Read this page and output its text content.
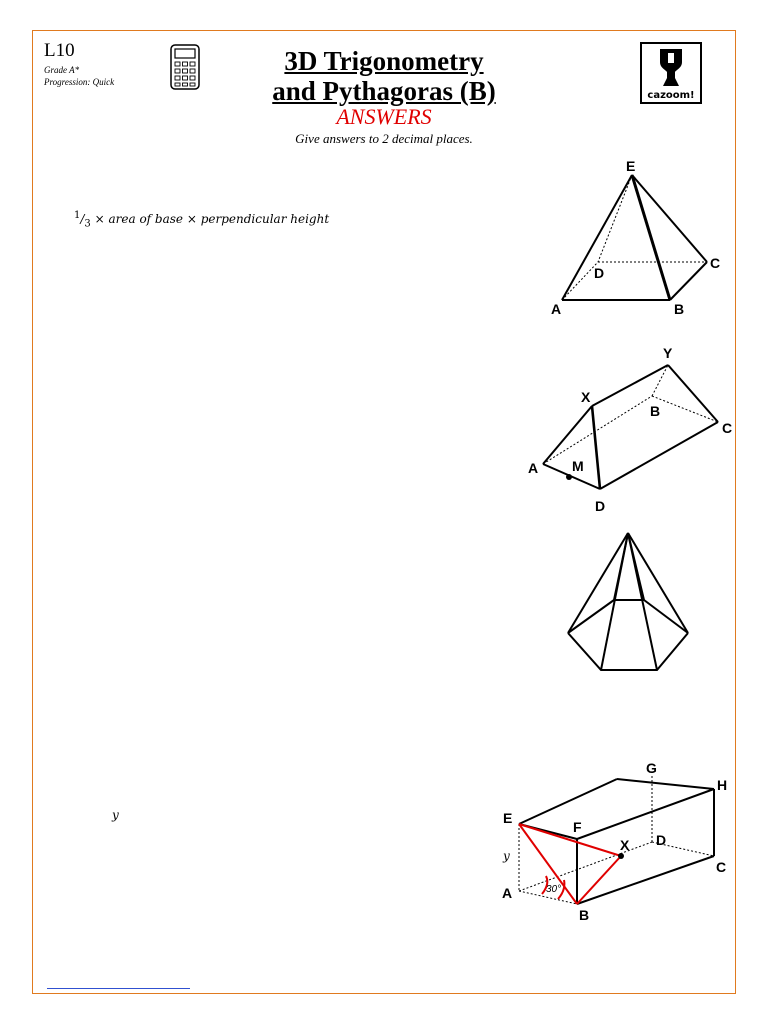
L10
Grade A*
Progression: Quick
3D Trigonometry
and Pythagoras (B)
ANSWERS
Give answers to 2 decimal places.
cazoom!
$^1/_3$ × area of base × perpendicular height
y
E
D
C
A	B
Y
X
B
C
A M
D
G
H
E
F
X D
C
A
B
y
30°
